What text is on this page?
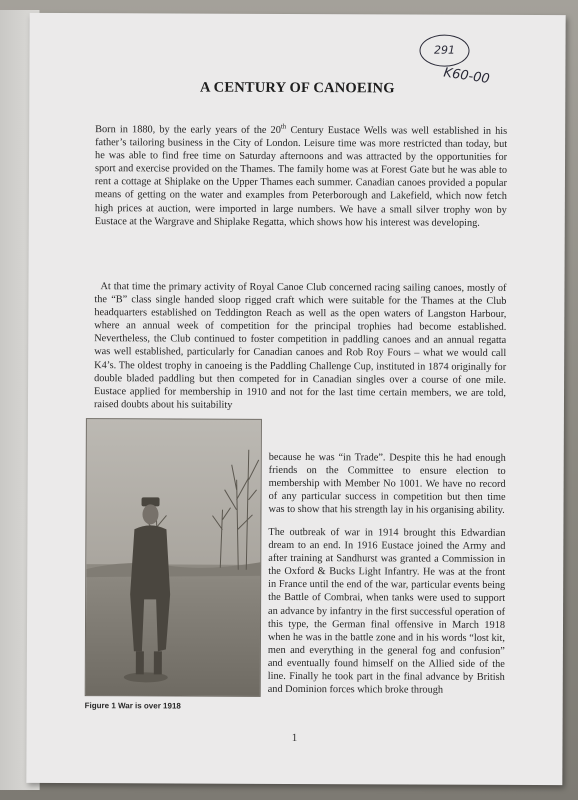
291
K60-00
A CENTURY OF CANOEING

Born in 1880, by the early years of the 20th Century Eustace Wells was well established in his father’s tailoring business in the City of London. Leisure time was more restricted than today, but he was able to find free time on Saturday afternoons and was attracted by the opportunities for sport and exercise provided on the Thames. The family home was at Forest Gate but he was able to rent a cottage at Shiplake on the Upper Thames each summer. Canadian canoes provided a popular means of getting on the water and examples from Peterborough and Lakefield, which now fetch high prices at auction, were imported in large numbers. We have a small silver trophy won by Eustace at the Wargrave and Shiplake Regatta, which shows how his interest was developing.

At that time the primary activity of Royal Canoe Club concerned racing sailing canoes, mostly of the “B” class single handed sloop rigged craft which were suitable for the Thames at the Club headquarters established on Teddington Reach as well as the open waters of Langston Harbour, where an annual week of competition for the principal trophies had become established. Nevertheless, the Club continued to foster competition in paddling canoes and an annual regatta was well established, particularly for Canadian canoes and Rob Roy Fours – what we would call K4’s. The oldest trophy in canoeing is the Paddling Challenge Cup, instituted in 1874 originally for double bladed paddling but then competed for in Canadian singles over a course of one mile. Eustace applied for membership in 1910 and not for the last time certain members, we are told, raised doubts about his suitability

Figure 1 War is over 1918

because he was “in Trade”. Despite this he had enough friends on the Committee to ensure election to membership with Member No 1001. We have no record of any particular success in competition but then time was to show that his strength lay in his organising ability.

The outbreak of war in 1914 brought this Edwardian dream to an end. In 1916 Eustace joined the Army and after training at Sandhurst was granted a Commission in the Oxford & Bucks Light Infantry. He was at the front in France until the end of the war, particular events being the Battle of Combrai, when tanks were used to support an advance by infantry in the first successful operation of this type, the German final offensive in March 1918 when he was in the battle zone and in his words “lost kit, men and everything in the general fog and confusion” and eventually found himself on the Allied side of the line. Finally he took part in the final advance by British and Dominion forces which broke through

1
